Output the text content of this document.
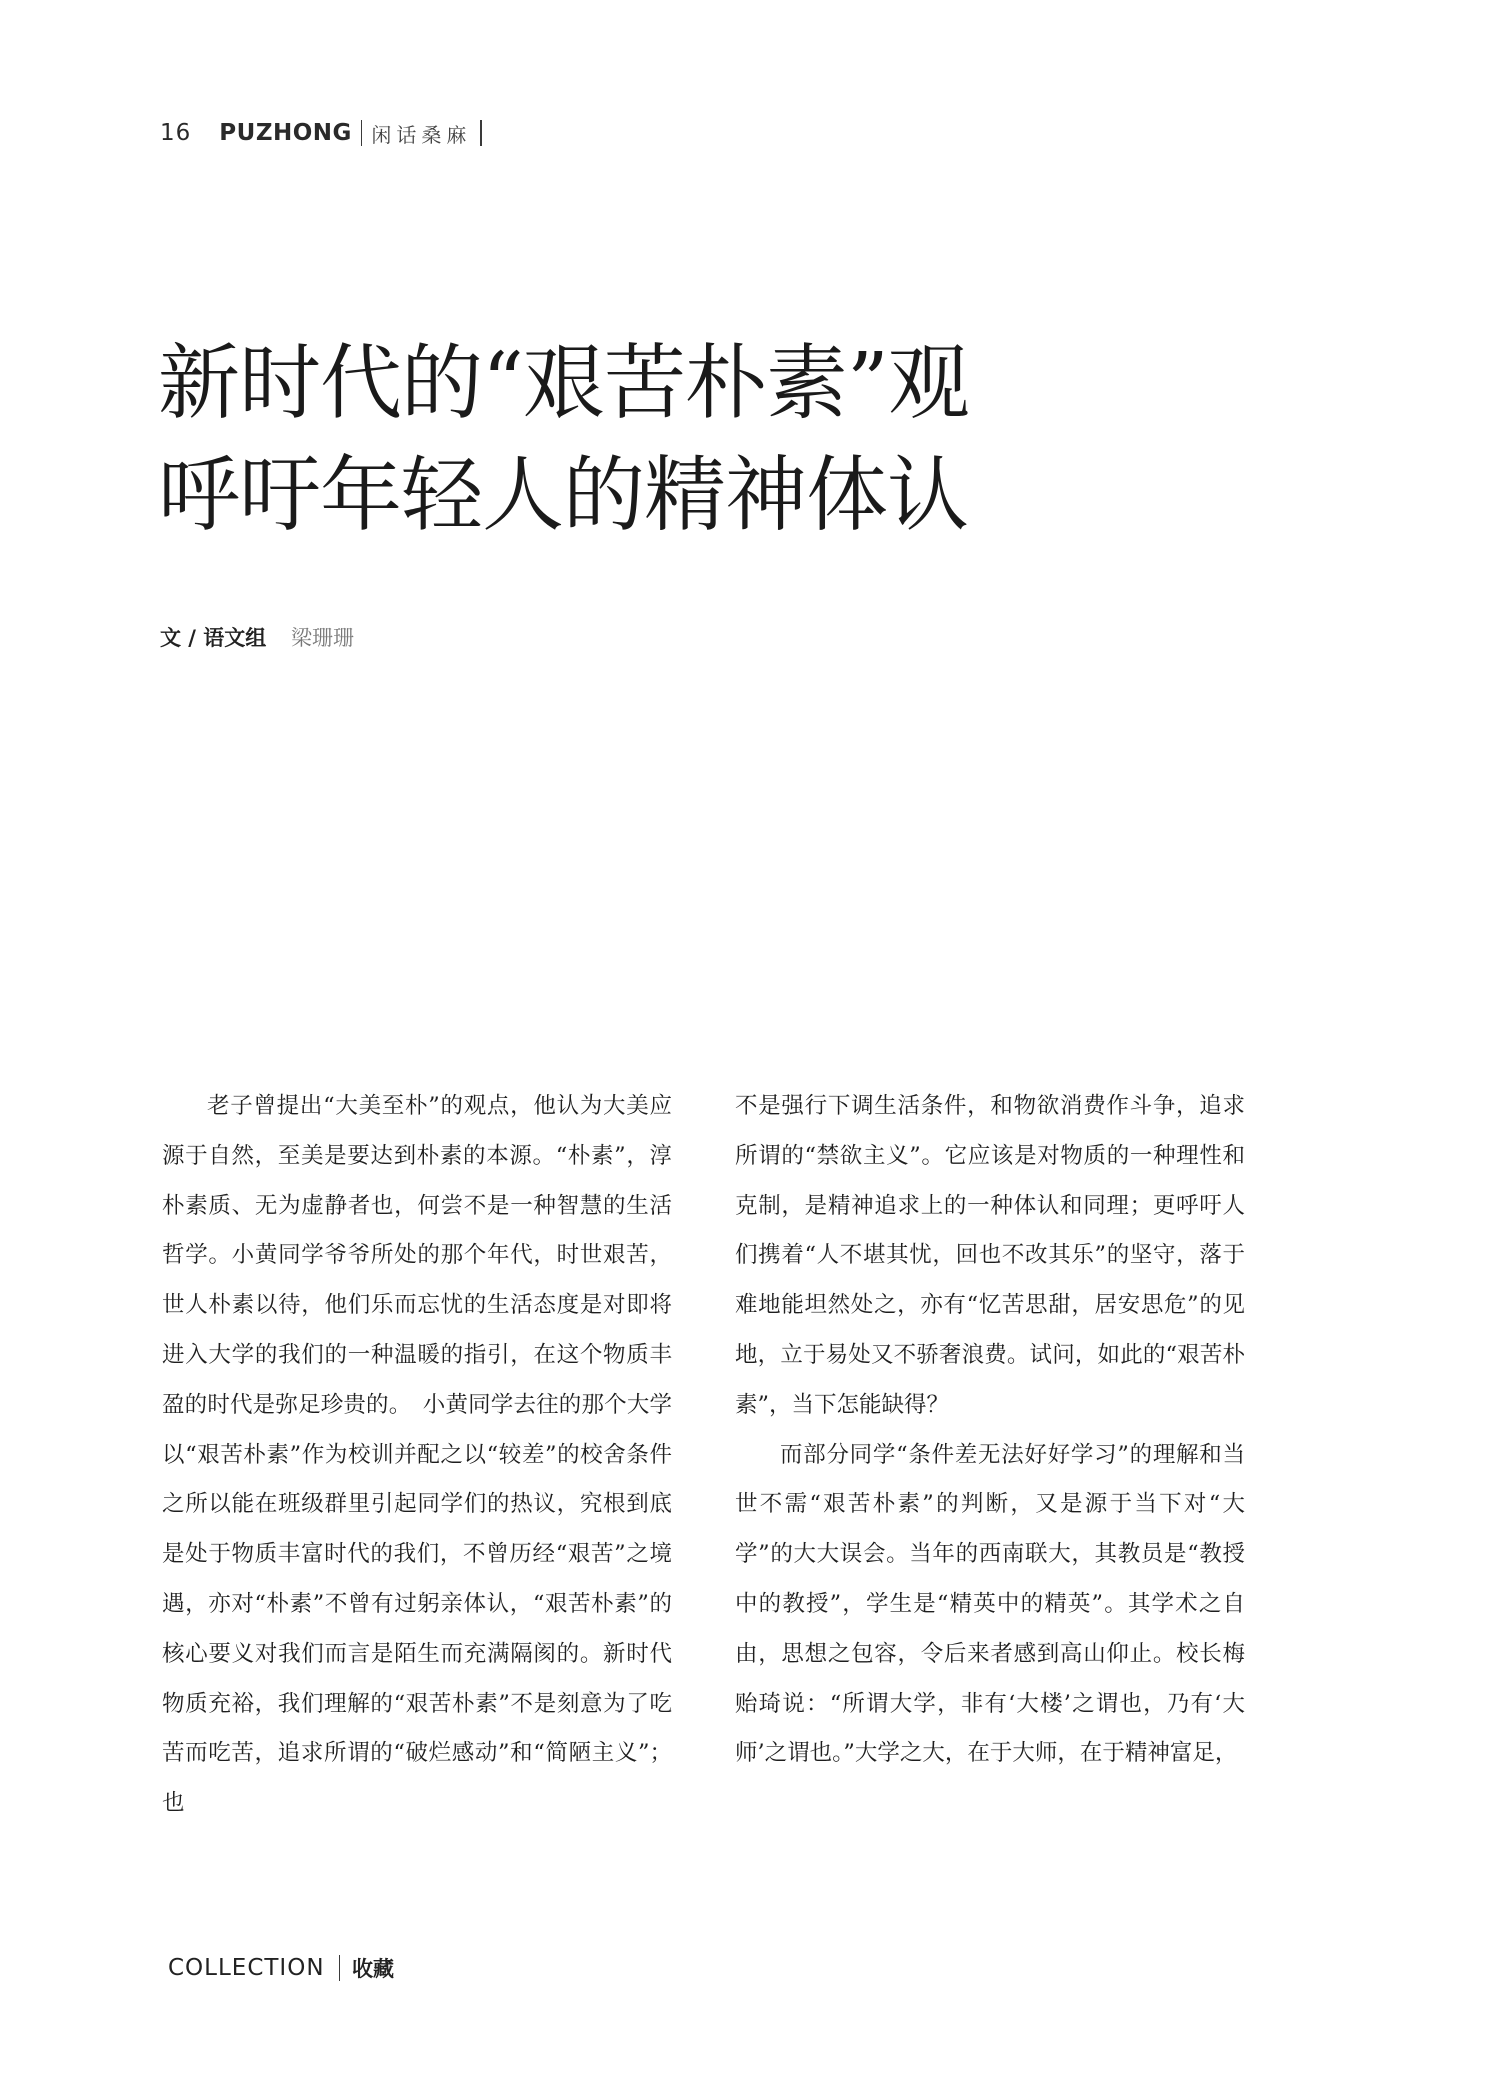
16 PUZHONG 闲话桑麻
新时代的“艰苦朴素”观
呼吁年轻人的精神体认
文 / 语文组 梁珊珊

老子曾提出“大美至朴”的观点，他认为大美应源于自然，至美是要达到朴素的本源。“朴素”，淳朴素质、无为虚静者也，何尝不是一种智慧的生活哲学。小黄同学爷爷所处的那个年代，时世艰苦，世人朴素以待，他们乐而忘忧的生活态度是对即将进入大学的我们的一种温暖的指引，在这个物质丰盈的时代是弥足珍贵的。　小黄同学去往的那个大学以“艰苦朴素”作为校训并配之以“较差”的校舍条件之所以能在班级群里引起同学们的热议，究根到底是处于物质丰富时代的我们，不曾历经“艰苦”之境遇，亦对“朴素”不曾有过躬亲体认，“艰苦朴素”的核心要义对我们而言是陌生而充满隔阂的。新时代物质充裕，我们理解的“艰苦朴素”不是刻意为了吃苦而吃苦，追求所谓的“破烂感动”和“简陋主义”；也

不是强行下调生活条件，和物欲消费作斗争，追求所谓的“禁欲主义”。它应该是对物质的一种理性和克制，是精神追求上的一种体认和同理；更呼吁人们携着“人不堪其忧，回也不改其乐”的坚守，落于难地能坦然处之，亦有“忆苦思甜，居安思危”的见地，立于易处又不骄奢浪费。试问，如此的“艰苦朴素”，当下怎能缺得？

而部分同学“条件差无法好好学习”的理解和当世不需“艰苦朴素”的判断，又是源于当下对“大学”的大大误会。当年的西南联大，其教员是“教授中的教授”，学生是“精英中的精英”。其学术之自由，思想之包容，令后来者感到高山仰止。校长梅贻琦说：“所谓大学，非有‘大楼’之谓也，乃有‘大师’之谓也。”大学之大，在于大师，在于精神富足，

COLLECTION 收藏
